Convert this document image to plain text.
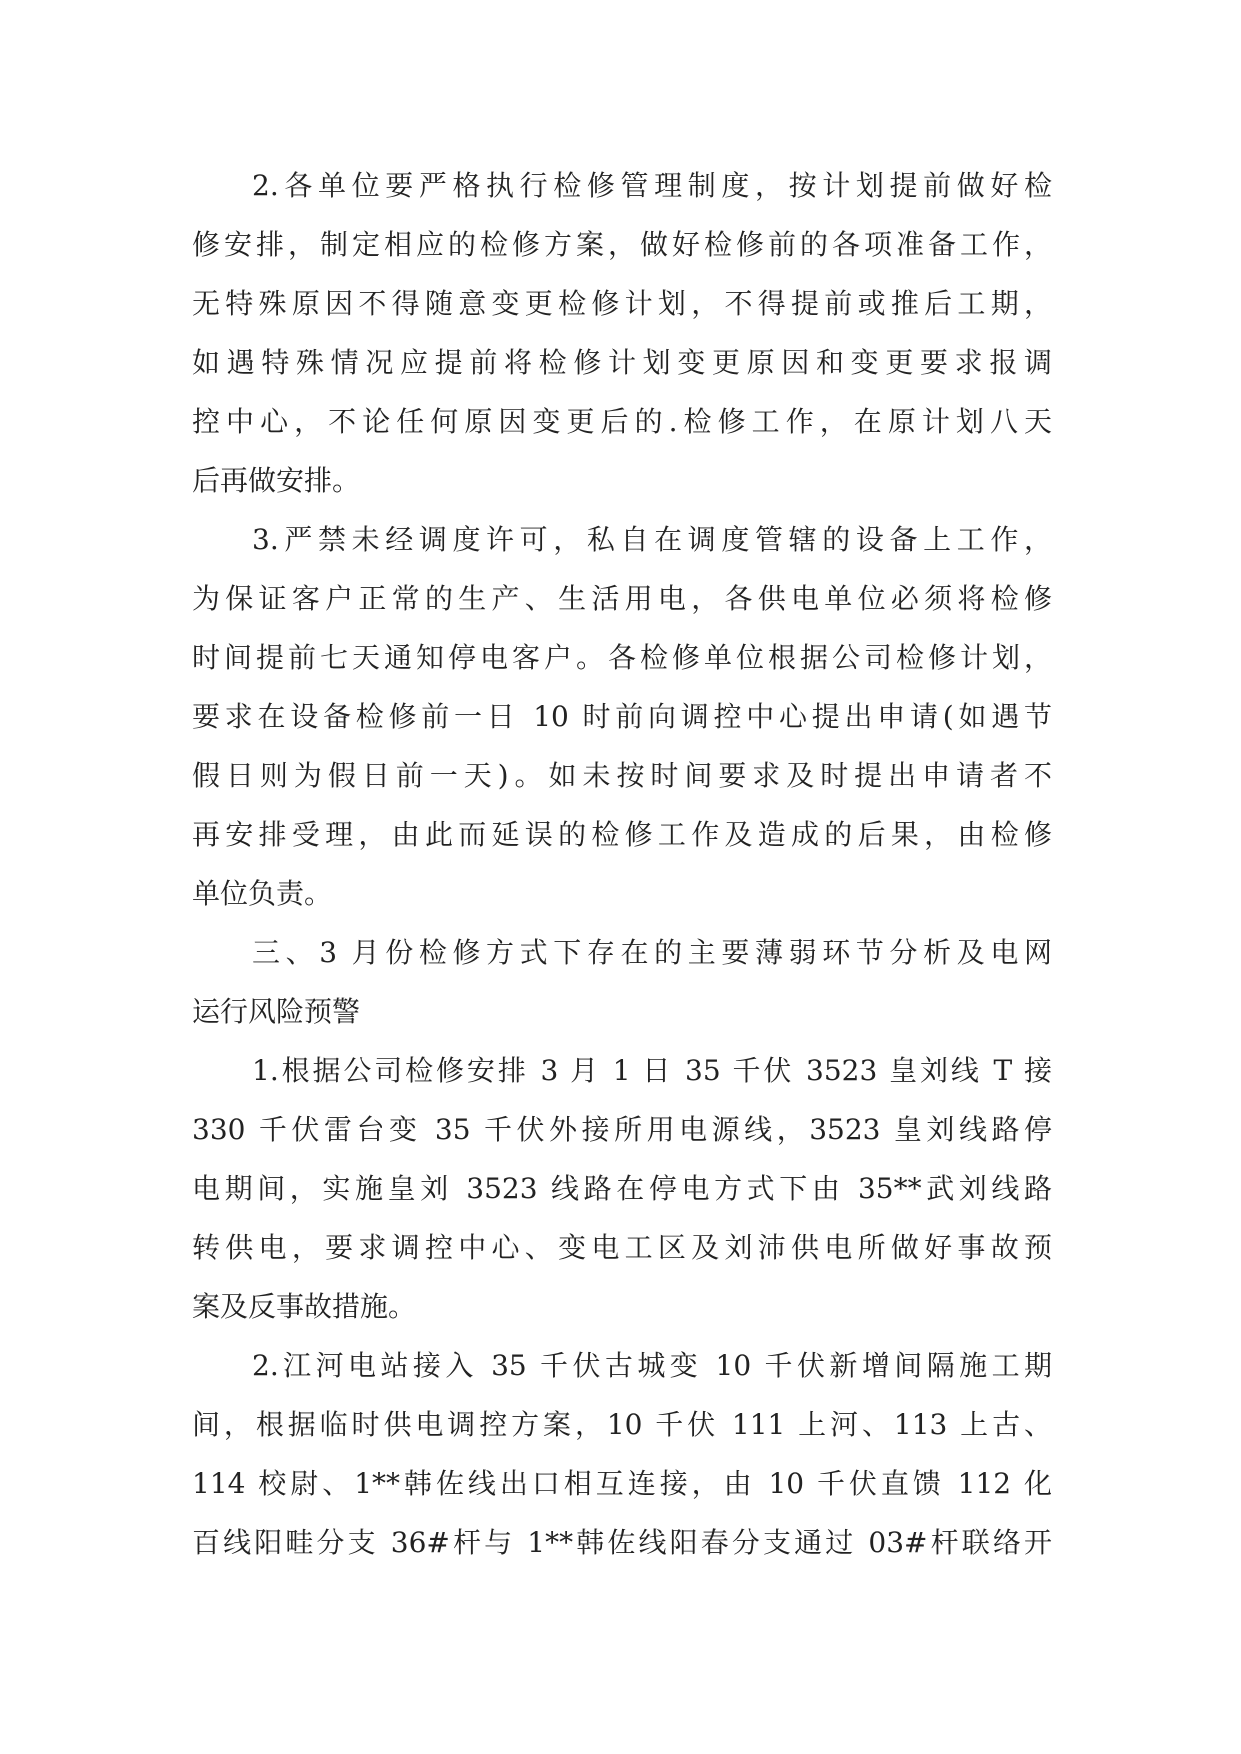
2.各单位要严格执行检修管理制度，按计划提前做好检
修安排，制定相应的检修方案，做好检修前的各项准备工作，
无特殊原因不得随意变更检修计划，不得提前或推后工期，
如遇特殊情况应提前将检修计划变更原因和变更要求报调
控中心，不论任何原因变更后的.检修工作，在原计划八天
后再做安排。
3.严禁未经调度许可，私自在调度管辖的设备上工作，
为保证客户正常的生产、生活用电，各供电单位必须将检修
时间提前七天通知停电客户。各检修单位根据公司检修计划，
要求在设备检修前一日 10 时前向调控中心提出申请(如遇节
假日则为假日前一天)。如未按时间要求及时提出申请者不
再安排受理，由此而延误的检修工作及造成的后果，由检修
单位负责。
三、3 月份检修方式下存在的主要薄弱环节分析及电网
运行风险预警
1.根据公司检修安排 3 月 1 日 35 千伏 3523 皇刘线 T 接
330 千伏雷台变 35 千伏外接所用电源线，3523 皇刘线路停
电期间，实施皇刘 3523 线路在停电方式下由 35**武刘线路
转供电，要求调控中心、变电工区及刘沛供电所做好事故预
案及反事故措施。
2.江河电站接入 35 千伏古城变 10 千伏新增间隔施工期
间，根据临时供电调控方案，10 千伏 111 上河、113 上古、
114 校尉、1**韩佐线出口相互连接，由 10 千伏直馈 112 化
百线阳畦分支 36#杆与 1**韩佐线阳春分支通过 03#杆联络开
